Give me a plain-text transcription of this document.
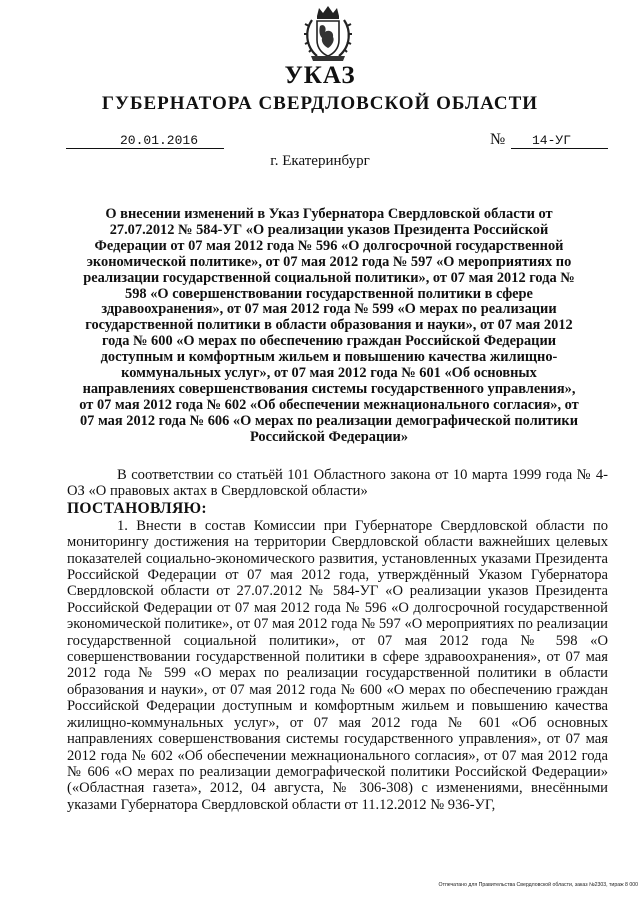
УКАЗ
ГУБЕРНАТОРА СВЕРДЛОВСКОЙ ОБЛАСТИ
20.01.2016	№ 14-УГ
г. Екатеринбург
О внесении изменений в Указ Губернатора Свердловской области от 27.07.2012 № 584-УГ «О реализации указов Президента Российской Федерации от 07 мая 2012 года № 596 «О долгосрочной государственной экономической политике», от 07 мая 2012 года № 597 «О мероприятиях по реализации государственной социальной политики», от 07 мая 2012 года № 598 «О совершенствовании государственной политики в сфере здравоохранения», от 07 мая 2012 года № 599 «О мерах по реализации государственной политики в области образования и науки», от 07 мая 2012 года № 600 «О мерах по обеспечению граждан Российской Федерации доступным и комфортным жильем и повышению качества жилищно-коммунальных услуг», от 07 мая 2012 года № 601 «Об основных направлениях совершенствования системы государственного управления», от 07 мая 2012 года № 602 «Об обеспечении межнационального согласия», от 07 мая 2012 года № 606 «О мерах по реализации демографической политики Российской Федерации»

В соответствии со статьёй 101 Областного закона от 10 марта 1999 года № 4-ОЗ «О правовых актах в Свердловской области»

ПОСТАНОВЛЯЮ:

1. Внести в состав Комиссии при Губернаторе Свердловской области по мониторингу достижения на территории Свердловской области важнейших целевых показателей социально-экономического развития, установленных указами Президента Российской Федерации от 07 мая 2012 года, утверждённый Указом Губернатора Свердловской области от 27.07.2012 № 584-УГ «О реализации указов Президента Российской Федерации от 07 мая 2012 года № 596 «О долгосрочной государственной экономической политике», от 07 мая 2012 года № 597 «О мероприятиях по реализации государственной социальной политики», от 07 мая 2012 года № 598 «О совершенствовании государственной политики в сфере здравоохранения», от 07 мая 2012 года № 599 «О мерах по реализации государственной политики в области образования и науки», от 07 мая 2012 года № 600 «О мерах по обеспечению граждан Российской Федерации доступным и комфортным жильем и повышению качества жилищно-коммунальных услуг», от 07 мая 2012 года № 601 «Об основных направлениях совершенствования системы государственного управления», от 07 мая 2012 года № 602 «Об обеспечении межнационального согласия», от 07 мая 2012 года № 606 «О мерах по реализации демографической политики Российской Федерации» («Областная газета», 2012, 04 августа, № 306-308) с изменениями, внесёнными указами Губернатора Свердловской области от 11.12.2012 № 936-УГ,

Отпечатано для Правительства Свердловской области, заказ №2303, тираж 8 000
